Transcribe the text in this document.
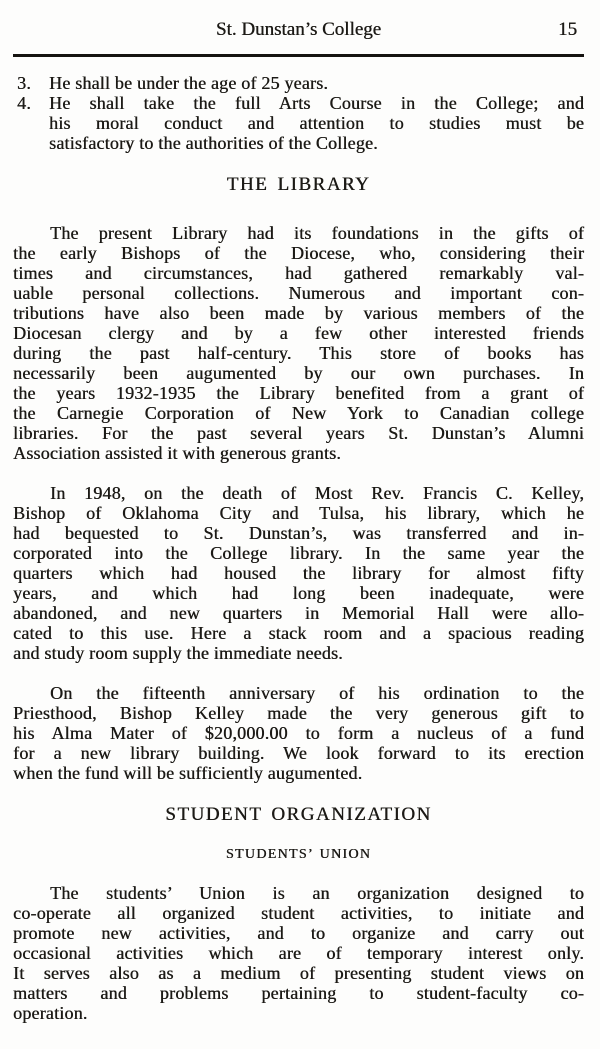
St. Dunstan’s College	15
3. He shall be under the age of 25 years.
4. He shall take the full Arts Course in the College; and
his moral conduct and attention to studies must be
satisfactory to the authorities of the College.
THE LIBRARY
The present Library had its foundations in the gifts of
the early Bishops of the Diocese, who, considering their
times and circumstances, had gathered remarkably val-
uable personal collections. Numerous and important con-
tributions have also been made by various members of the
Diocesan clergy and by a few other interested friends
during the past half-century. This store of books has
necessarily been augumented by our own purchases. In
the years 1932-1935 the Library benefited from a grant of
the Carnegie Corporation of New York to Canadian college
libraries. For the past several years St. Dunstan’s Alumni
Association assisted it with generous grants.
In 1948, on the death of Most Rev. Francis C. Kelley,
Bishop of Oklahoma City and Tulsa, his library, which he
had bequested to St. Dunstan’s, was transferred and in-
corporated into the College library. In the same year the
quarters which had housed the library for almost fifty
years, and which had long been inadequate, were
abandoned, and new quarters in Memorial Hall were allo-
cated to this use. Here a stack room and a spacious reading
and study room supply the immediate needs.
On the fifteenth anniversary of his ordination to the
Priesthood, Bishop Kelley made the very generous gift to
his Alma Mater of $20,000.00 to form a nucleus of a fund
for a new library building. We look forward to its erection
when the fund will be sufficiently augumented.
STUDENT ORGANIZATION
STUDENTS’ UNION
The students’ Union is an organization designed to
co-operate all organized student activities, to initiate and
promote new activities, and to organize and carry out
occasional activities which are of temporary interest only.
It serves also as a medium of presenting student views on
matters and problems pertaining to student-faculty co-
operation.
